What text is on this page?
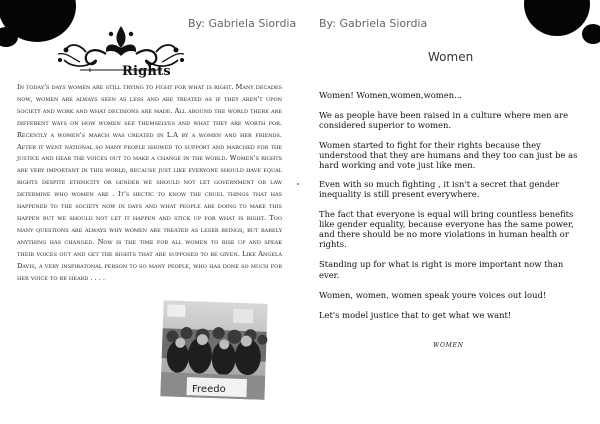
By: Gabriela Siordia
Rights
In today's days women are still trying to fight for what is right. Many decades now, women are always seen as less and are treated as if they aren't upon society and work and what decisions are made. All around the world there are different ways on how women see themselves and what they are worth for. Recently a women's march was created in L.A by a women and her friends. After it went national so many people showed to support and marched for the justice and hear the voices out to make a change in the world. Women's rights are very important in this world, because just like everyone should have equal rights despite ethnicity or gender we should not let government or law determine who women are . It's hectic to know the cruel things that has happened to the society now in days and what people are doing to make this happen but we should not let it happen and stick up for what is right. Too many questions are always why women are treated as leser beings, but barely anything has changed. Now is the time for all women to rise up and speak their voices out and get the rights that are supposed to be given. Like Angela Davis, a very inspiratonal person to so many people, who has done so much for her voice to be heard . . . .
Freedo
By: Gabriela Siordia
Women

Women! Women,women,women...

We as people have been raised in a culture where men are considered superior to women.

Women started to fight for their rights because they understood that they are humans and they too can just be as hard working and vote just like men.

Even with so much fighting , it isn't a secret that gender inequality is still present everywhere.

The fact that everyone is equal will bring countless benefits like gender equality, because everyone has the same power, and there should be no more violations in human health or rights.

Standing up for what is right is more important now than ever.

Women, women, women speak youre voices out loud!

Let's model justice that to get what we want!

WOMEN
